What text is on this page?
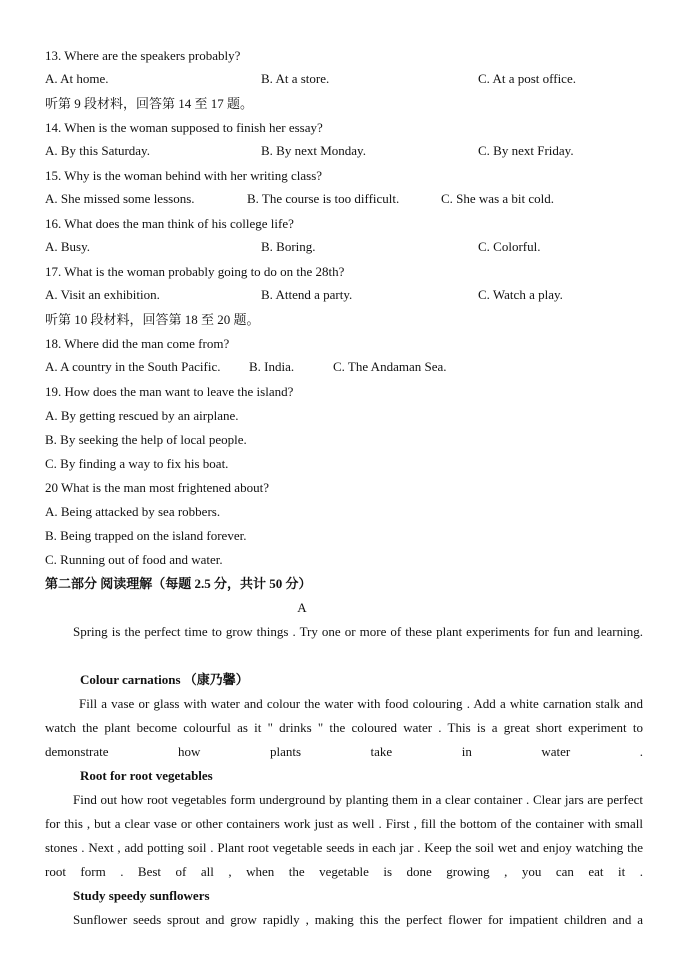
13. Where are the speakers probably?
A. At home.	B. At a store.	C. At a post office.
听第 9 段材料，回答第 14 至 17 题。
14. When is the woman supposed to finish her essay?
A. By this Saturday.	B. By next Monday.	C. By next Friday.
15. Why is the woman behind with her writing class?
A. She missed some lessons.	B. The course is too difficult.	C. She was a bit cold.
16. What does the man think of his college life?
A. Busy.	B. Boring.	C. Colorful.
17. What is the woman probably going to do on the 28th?
A. Visit an exhibition.	B. Attend a party.	C. Watch a play.
听第 10 段材料，回答第 18 至 20 题。
18. Where did the man come from?
A. A country in the South Pacific. B. India.	C. The Andaman Sea.
19. How does the man want to leave the island?
A. By getting rescued by an airplane.
B. By seeking the help of local people.
C. By finding a way to fix his boat.
20 What is the man most frightened about?
A. Being attacked by sea robbers.
B. Being trapped on the island forever.
C. Running out of food and water.
第二部分 阅读理解（每题 2.5 分，共计 50 分）
A
Spring is the perfect time to grow things . Try one or more of these plant experiments for fun and learning.
Colour carnations （康乃馨）
Fill a vase or glass with water and colour the water with food colouring . Add a white carnation stalk and watch the plant become colourful as it " drinks " the coloured water . This is a great short experiment to demonstrate how plants take in water .
Root for root vegetables
Find out how root vegetables form underground by planting them in a clear container . Clear jars are perfect for this , but a clear vase or other containers work just as well . First , fill the bottom of the container with small stones . Next , add potting soil . Plant root vegetable seeds in each jar . Keep the soil wet and enjoy watching the root form . Best of all , when the vegetable is done growing , you can eat it .
Study speedy sunflowers
Sunflower seeds sprout and grow rapidly , making this the perfect flower for impatient children and a
